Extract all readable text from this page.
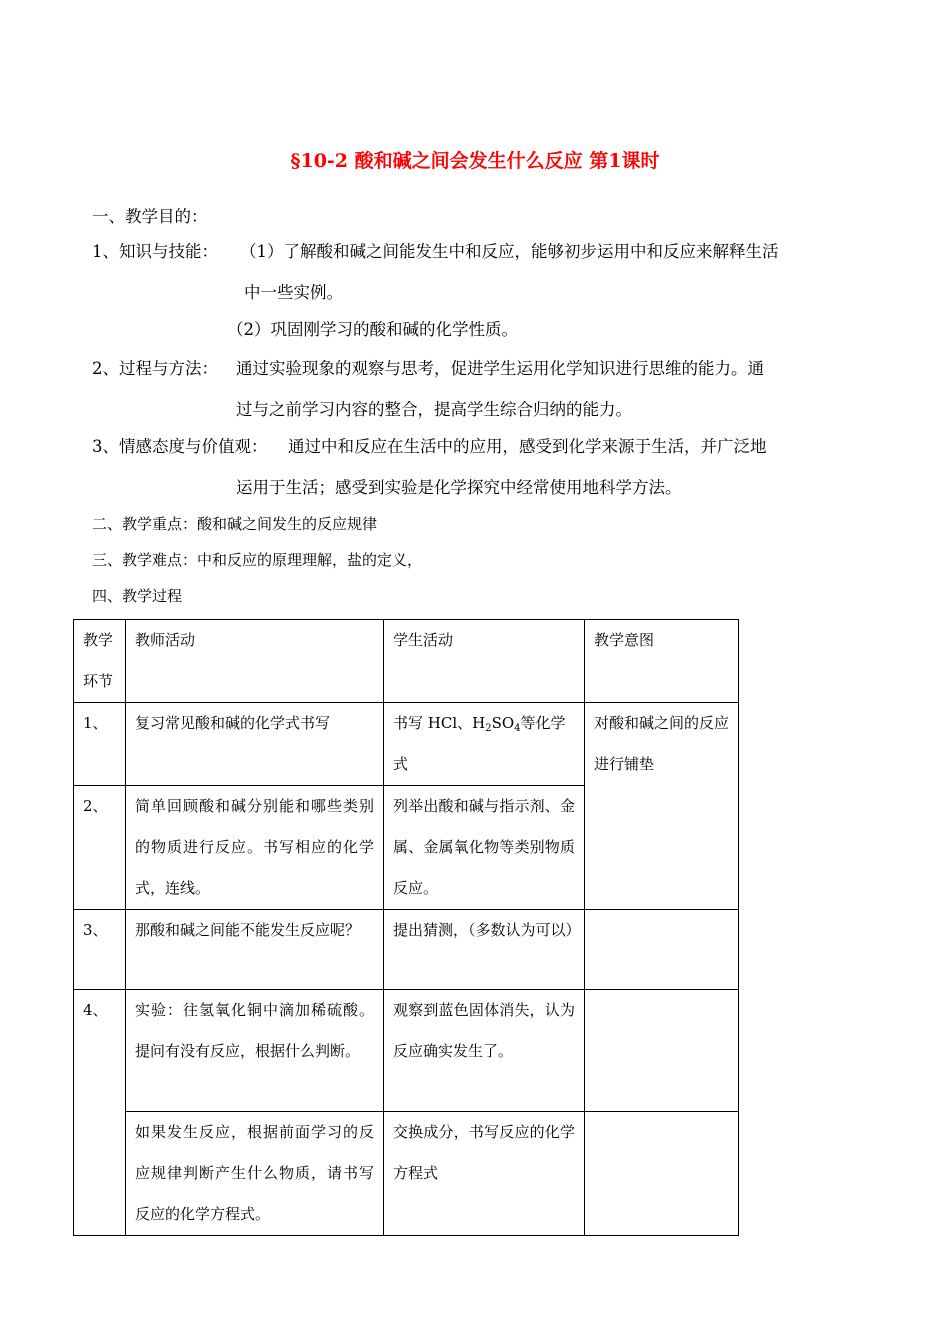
§10-2 酸和碱之间会发生什么反应 第1课时
一、教学目的：
1、知识与技能： （1）了解酸和碱之间能发生中和反应，能够初步运用中和反应来解释生活
中一些实例。
（2）巩固刚学习的酸和碱的化学性质。
2、过程与方法： 通过实验现象的观察与思考，促进学生运用化学知识进行思维的能力。通
过与之前学习内容的整合，提高学生综合归纳的能力。
3、情感态度与价值观： 通过中和反应在生活中的应用，感受到化学来源于生活，并广泛地
运用于生活；感受到实验是化学探究中经常使用地科学方法。
二、教学重点：酸和碱之间发生的反应规律
三、教学难点：中和反应的原理理解，盐的定义，
四、教学过程
教学环节	教师活动	学生活动	教学意图
1、	复习常见酸和碱的化学式书写	书写 HCl、$H_2SO_4$等化学式	对酸和碱之间的反应进行铺垫
2、	简单回顾酸和碱分别能和哪些类别的物质进行反应。书写相应的化学式，连线。	列举出酸和碱与指示剂、金属、金属氧化物等类别物质反应。	
3、	那酸和碱之间能不能发生反应呢？	提出猜测，（多数认为可以）	
4、	实验：往氢氧化铜中滴加稀硫酸。提问有没有反应，根据什么判断。	观察到蓝色固体消失，认为反应确实发生了。	
	如果发生反应，根据前面学习的反应规律判断产生什么物质，请书写反应的化学方程式。	交换成分，书写反应的化学方程式	
